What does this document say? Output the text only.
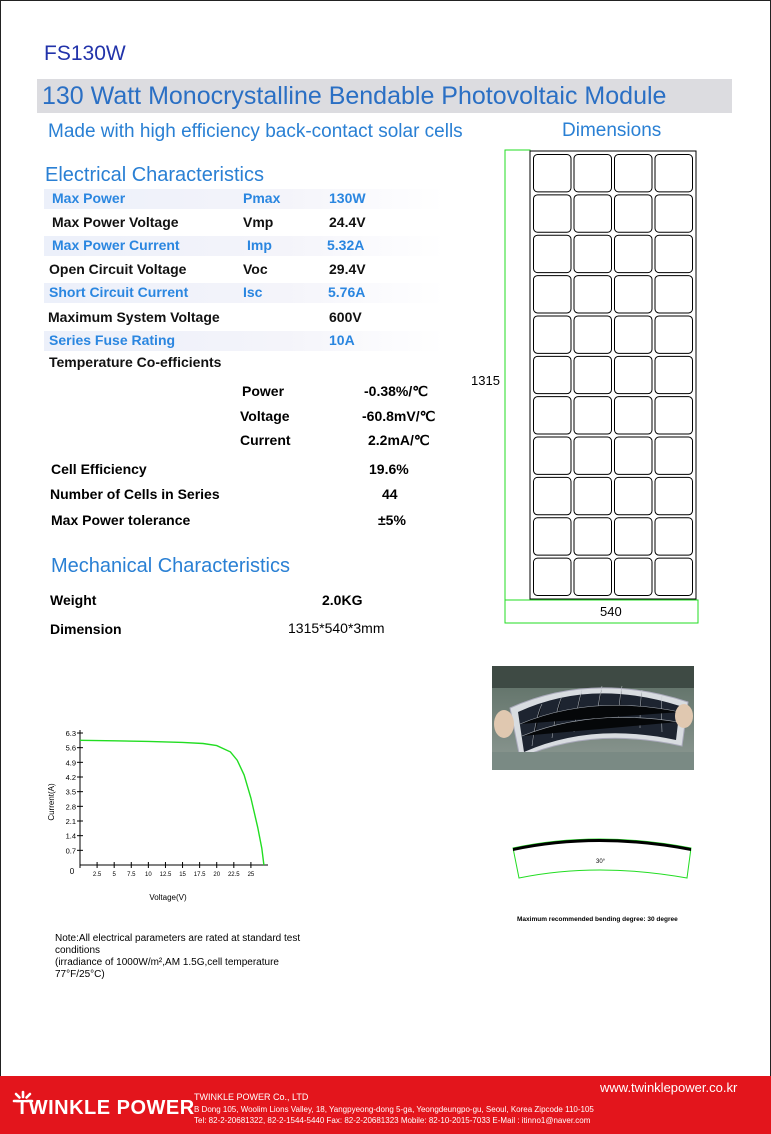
FS130W
130 Watt Monocrystalline Bendable Photovoltaic Module
Made with high efficiency back-contact solar cells	Dimensions
Electrical Characteristics
Max Power	Pmax	130W
Max Power Voltage	Vmp	24.4V
Max Power Current	Imp	5.32A
Open Circuit Voltage	Voc	29.4V
Short Circuit Current	Isc	5.76A
Maximum System Voltage	600V
Series Fuse Rating	10A
Temperature Co-efficients
Power	-0.38%/℃
Voltage	-60.8mV/℃
Current	2.2mA/℃
Cell Efficiency	19.6%
Number of Cells in Series	44
Max Power tolerance	±5%
Mechanical Characteristics
Weight	2.0KG
Dimension	1315*540*3mm
1315
540
30°
Maximum recommended bending degree: 30 degree
0	2.5 5 7.5 10 12.5 15 17.5 20 22.5 25
0.7
1.4
2.1
2.8
3.5
4.2
4.9
5.6
6.3
Voltage(V)
Current(A)
Note:All electrical parameters are rated at standard test
conditions
(irradiance of 1000W/m²,AM 1.5G,cell temperature
77°F/25°C)
TWINKLE POWER
www.twinklepower.co.kr
TWINKLE POWER Co., LTD
B Dong 105, Woolim Lions Valley, 18, Yangpyeong-dong 5-ga, Yeongdeungpo-gu, Seoul, Korea Zipcode 110-105
Tel: 82-2-20681322, 82-2-1544-5440 Fax: 82-2-20681323 Mobile: 82-10-2015-7033 E-Mail : itinno1@naver.com
